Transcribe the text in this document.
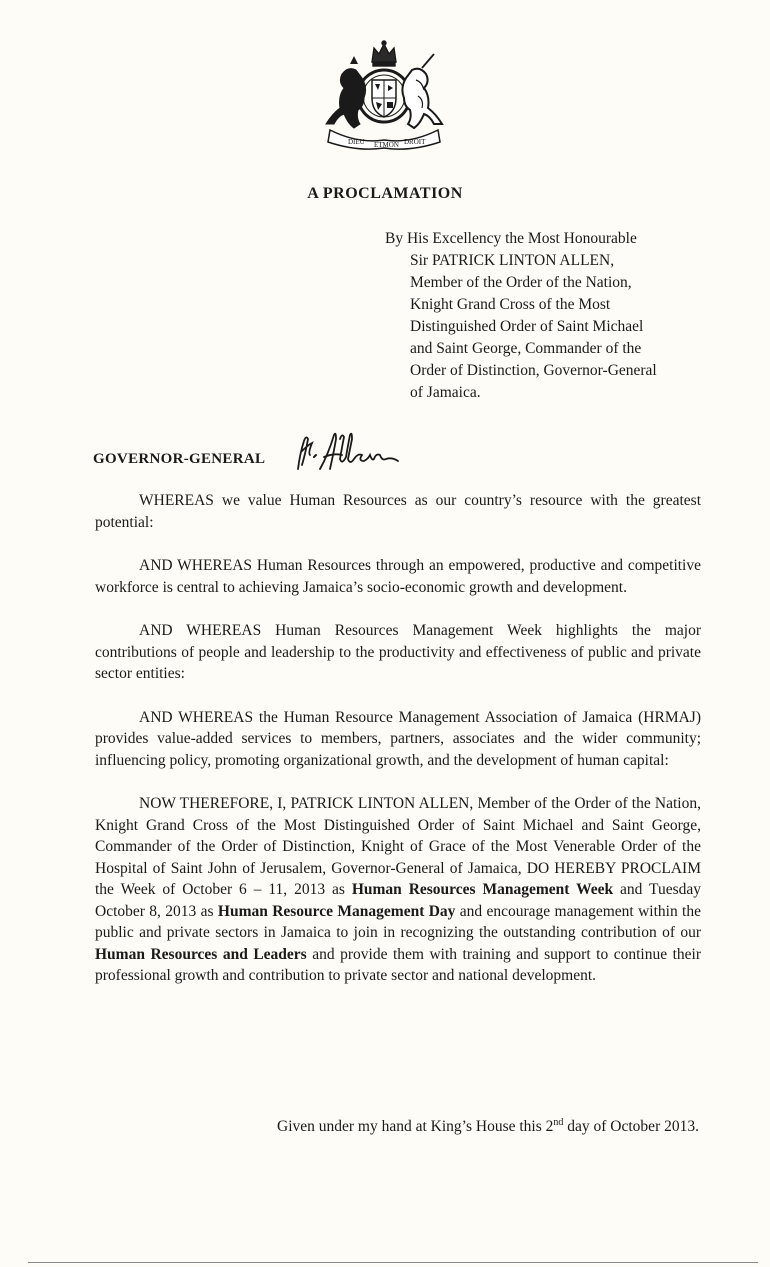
DIEU ETMON DROIT
A PROCLAMATION
By His Excellency the Most Honourable
Sir PATRICK LINTON ALLEN,
Member of the Order of the Nation,
Knight Grand Cross of the Most
Distinguished Order of Saint Michael
and Saint George, Commander of the
Order of Distinction, Governor-General
of Jamaica.
GOVERNOR-GENERAL

WHEREAS we value Human Resources as our country’s resource with the greatest potential:

AND WHEREAS Human Resources through an empowered, productive and competitive workforce is central to achieving Jamaica’s socio-economic growth and development.

AND WHEREAS Human Resources Management Week highlights the major contributions of people and leadership to the productivity and effectiveness of public and private sector entities:

AND WHEREAS the Human Resource Management Association of Jamaica (HRMAJ) provides value-added services to members, partners, associates and the wider community; influencing policy, promoting organizational growth, and the development of human capital:

NOW THEREFORE, I, PATRICK LINTON ALLEN, Member of the Order of the Nation, Knight Grand Cross of the Most Distinguished Order of Saint Michael and Saint George, Commander of the Order of Distinction, Knight of Grace of the Most Venerable Order of the Hospital of Saint John of Jerusalem, Governor-General of Jamaica, DO HEREBY PROCLAIM the Week of October 6 – 11, 2013 as Human Resources Management Week and Tuesday October 8, 2013 as Human Resource Management Day and encourage management within the public and private sectors in Jamaica to join in recognizing the outstanding contribution of our Human Resources and Leaders and provide them with training and support to continue their professional growth and contribution to private sector and national development.

Given under my hand at King’s House this 2nd day of October 2013.
